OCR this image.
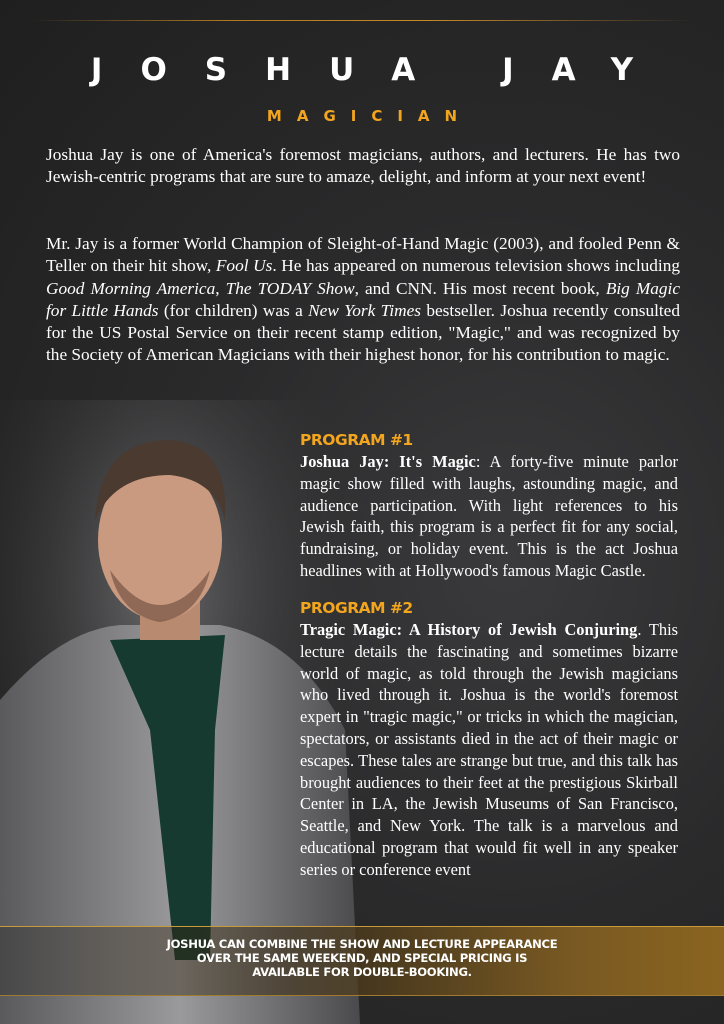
JOSHUA JAY
MAGICIAN

Joshua Jay is one of America's foremost magicians, authors, and lecturers. He has two Jewish-centric programs that are sure to amaze, delight, and inform at your next event!

Mr. Jay is a former World Champion of Sleight-of-Hand Magic (2003), and fooled Penn & Teller on their hit show, Fool Us. He has appeared on numerous television shows including Good Morning America, The TODAY Show, and CNN. His most recent book, Big Magic for Little Hands (for children) was a New York Times bestseller. Joshua recently consulted for the US Postal Service on their recent stamp edition, "Magic," and was recognized by the Society of American Magicians with their highest honor, for his contribution to magic.

PROGRAM #1

Joshua Jay: It's Magic: A forty-five minute parlor magic show filled with laughs, astounding magic, and audience participation. With light references to his Jewish faith, this program is a perfect fit for any social, fundraising, or holiday event. This is the act Joshua headlines with at Hollywood's famous Magic Castle.

PROGRAM #2

Tragic Magic: A History of Jewish Conjuring. This lecture details the fascinating and sometimes bizarre world of magic, as told through the Jewish magicians who lived through it. Joshua is the world's foremost expert in "tragic magic," or tricks in which the magician, spectators, or assistants died in the act of their magic or escapes. These tales are strange but true, and this talk has brought audiences to their feet at the prestigious Skirball Center in LA, the Jewish Museums of San Francisco, Seattle, and New York. The talk is a marvelous and educational program that would fit well in any speaker series or conference event

JOSHUA CAN COMBINE THE SHOW AND LECTURE APPEARANCE
OVER THE SAME WEEKEND, AND SPECIAL PRICING IS
AVAILABLE FOR DOUBLE-BOOKING.
